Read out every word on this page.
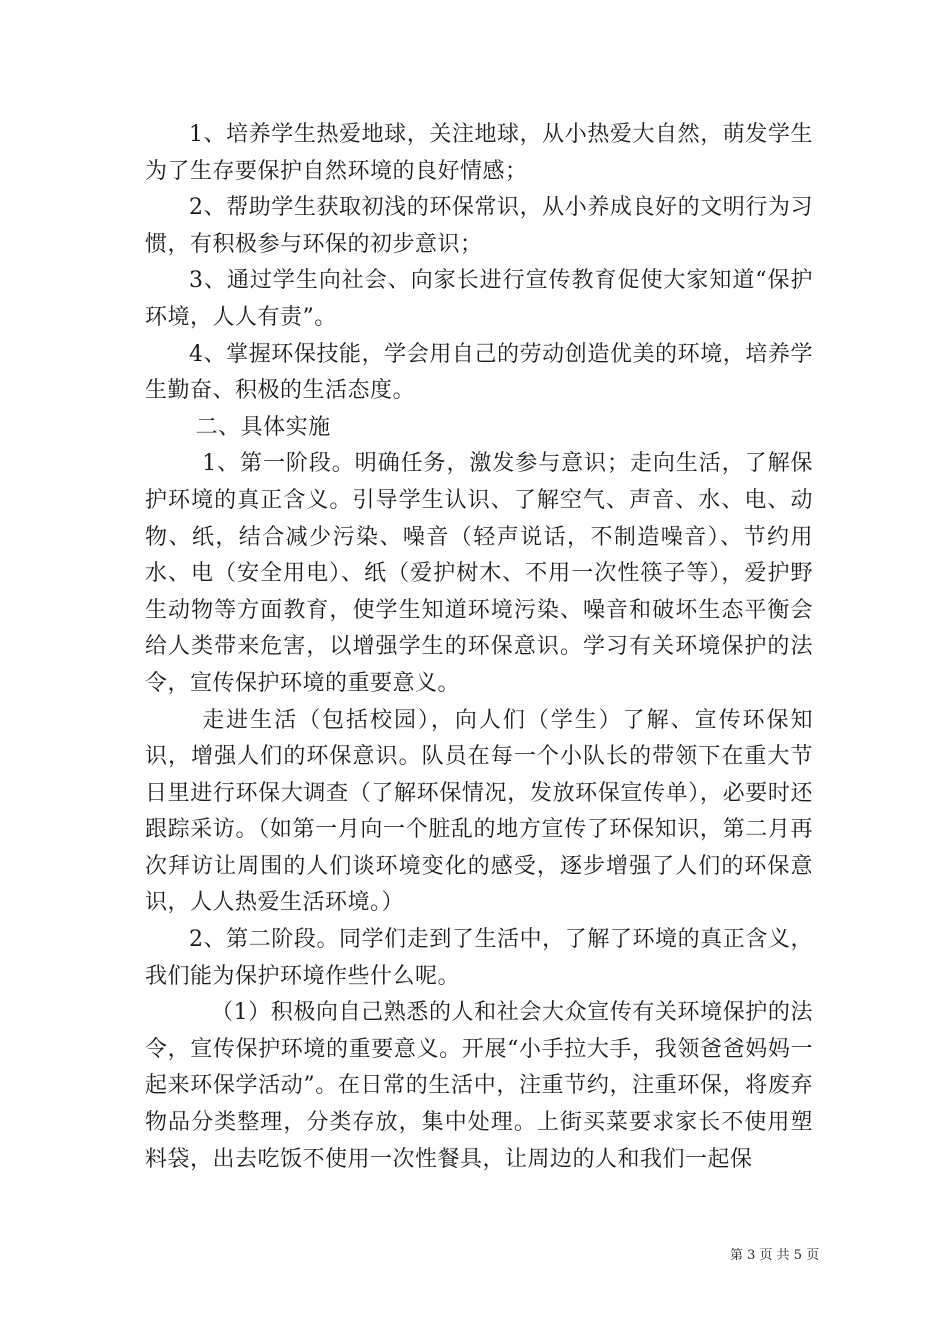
1、培养学生热爱地球，关注地球，从小热爱大自然，萌发学生为了生存要保护自然环境的良好情感；

2、帮助学生获取初浅的环保常识，从小养成良好的文明行为习惯，有积极参与环保的初步意识；

3、通过学生向社会、向家长进行宣传教育促使大家知道“保护环境，人人有责”。

4、掌握环保技能，学会用自己的劳动创造优美的环境，培养学生勤奋、积极的生活态度。

二、具体实施

1、第一阶段。明确任务，激发参与意识；走向生活，了解保护环境的真正含义。引导学生认识、了解空气、声音、水、电、动物、纸，结合减少污染、噪音（轻声说话，不制造噪音）、节约用水、电（安全用电）、纸（爱护树木、不用一次性筷子等），爱护野生动物等方面教育，使学生知道环境污染、噪音和破坏生态平衡会给人类带来危害，以增强学生的环保意识。学习有关环境保护的法令，宣传保护环境的重要意义。

走进生活（包括校园），向人们（学生）了解、宣传环保知识，增强人们的环保意识。队员在每一个小队长的带领下在重大节日里进行环保大调查（了解环保情况，发放环保宣传单），必要时还跟踪采访。（如第一月向一个脏乱的地方宣传了环保知识，第二月再次拜访让周围的人们谈环境变化的感受，逐步增强了人们的环保意识，人人热爱生活环境。）

2、第二阶段。同学们走到了生活中，了解了环境的真正含义，我们能为保护环境作些什么呢。

（1）积极向自己熟悉的人和社会大众宣传有关环境保护的法令，宣传保护环境的重要意义。开展“小手拉大手，我领爸爸妈妈一起来环保学活动”。在日常的生活中，注重节约，注重环保，将废弃物品分类整理，分类存放，集中处理。上街买菜要求家长不使用塑料袋，出去吃饭不使用一次性餐具，让周边的人和我们一起保

第 3 页 共 5 页
